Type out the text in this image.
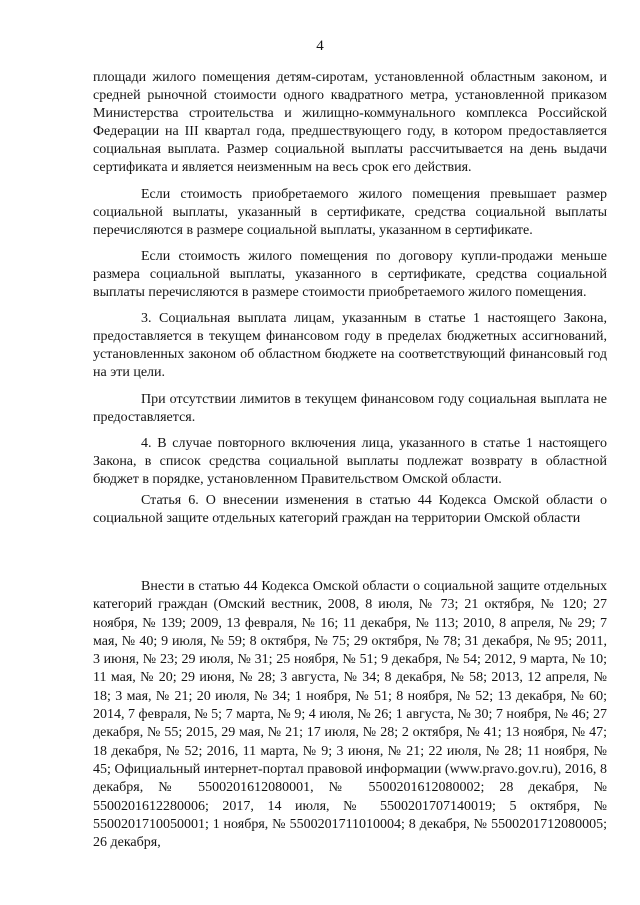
4

площади жилого помещения детям-сиротам, установленной областным законом, и средней рыночной стоимости одного квадратного метра, установленной приказом Министерства строительства и жилищно-коммунального комплекса Российской Федерации на III квартал года, предшествующего году, в котором предоставляется социальная выплата. Размер социальной выплаты рассчитывается на день выдачи сертификата и является неизменным на весь срок его действия.

Если стоимость приобретаемого жилого помещения превышает размер социальной выплаты, указанный в сертификате, средства социальной выплаты перечисляются в размере социальной выплаты, указанном в сертификате.

Если стоимость жилого помещения по договору купли-продажи меньше размера социальной выплаты, указанного в сертификате, средства социальной выплаты перечисляются в размере стоимости приобретаемого жилого помещения.

3. Социальная выплата лицам, указанным в статье 1 настоящего Закона, предоставляется в текущем финансовом году в пределах бюджетных ассигнований, установленных законом об областном бюджете на соответствующий финансовый год на эти цели.

При отсутствии лимитов в текущем финансовом году социальная выплата не предоставляется.

4. В случае повторного включения лица, указанного в статье 1 настоящего Закона, в список средства социальной выплаты подлежат возврату в областной бюджет в порядке, установленном Правительством Омской области.

Статья 6. О внесении изменения в статью 44 Кодекса Омской области о социальной защите отдельных категорий граждан на территории Омской области

Внести в статью 44 Кодекса Омской области о социальной защите отдельных категорий граждан (Омский вестник, 2008, 8 июля, № 73; 21 октября, № 120; 27 ноября, № 139; 2009, 13 февраля, № 16; 11 декабря, № 113; 2010, 8 апреля, № 29; 7 мая, № 40; 9 июля, № 59; 8 октября, № 75; 29 октября, № 78; 31 декабря, № 95; 2011, 3 июня, № 23; 29 июля, № 31; 25 ноября, № 51; 9 декабря, № 54; 2012, 9 марта, № 10; 11 мая, № 20; 29 июня, № 28; 3 августа, № 34; 8 декабря, № 58; 2013, 12 апреля, № 18; 3 мая, № 21; 20 июля, № 34; 1 ноября, № 51; 8 ноября, № 52; 13 декабря, № 60; 2014, 7 февраля, № 5; 7 марта, № 9; 4 июля, № 26; 1 августа, № 30; 7 ноября, № 46; 27 декабря, № 55; 2015, 29 мая, № 21; 17 июля, № 28; 2 октября, № 41; 13 ноября, № 47; 18 декабря, № 52; 2016, 11 марта, № 9; 3 июня, № 21; 22 июля, № 28; 11 ноября, № 45; Официальный интернет-портал правовой информации (www.pravo.gov.ru), 2016, 8 декабря, № 5500201612080001, № 5500201612080002; 28 декабря, № 5500201612280006; 2017, 14 июля, № 5500201707140019; 5 октября, № 5500201710050001; 1 ноября, № 5500201711010004; 8 декабря, № 5500201712080005; 26 декабря,
